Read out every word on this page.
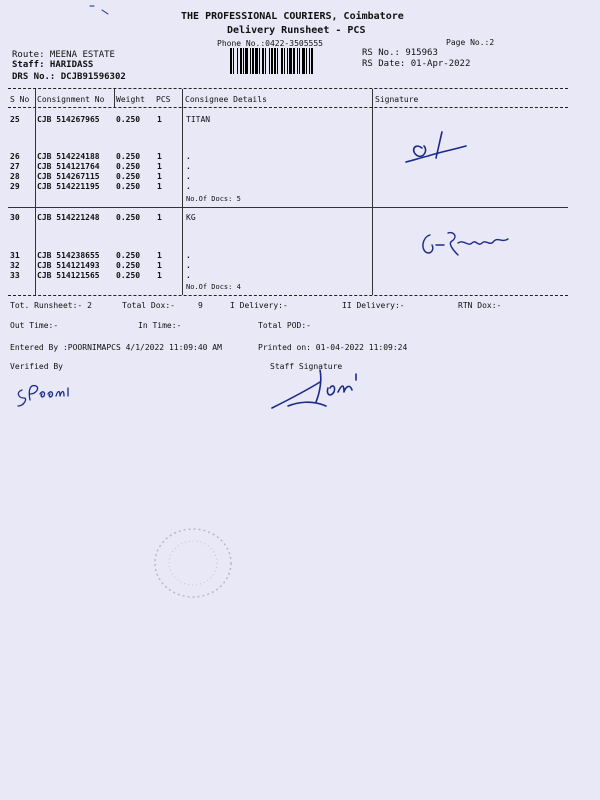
THE PROFESSIONAL COURIERS, Coimbatore
Delivery Runsheet - PCS
Phone No.:0422-3505555	Page No.:2
Route: MEENA ESTATE
Staff: HARIDASS
DRS No.: DCJB91596302
RS No.: 915963
RS Date: 01-Apr-2022
S No Consignment No Weight PCS Consignee Details	Signature
25 CJB 514267965 0.250 1	TITAN
26 CJB 514224188 0.250 1	.
27 CJB 514121764 0.250 1	.
28 CJB 514267115 0.250 1	.
29 CJB 514221195 0.250 1	.
No.Of Docs: 5
30 CJB 514221248 0.250 1	KG
31 CJB 514238655 0.250 1	.
32 CJB 514121493 0.250 1	.
33 CJB 514121565 0.250 1	.
No.Of Docs: 4
Tot. Runsheet:- 2	Total Dox:-	9	I Delivery:-	II Delivery:-	RTN Dox:-
Out Time:-	In Time:-	Total POD:-
Entered By :POORNIMAPCS 4/1/2022 11:09:40 AM	Printed on: 01-04-2022 11:09:24
Verified By	Staff Signature
